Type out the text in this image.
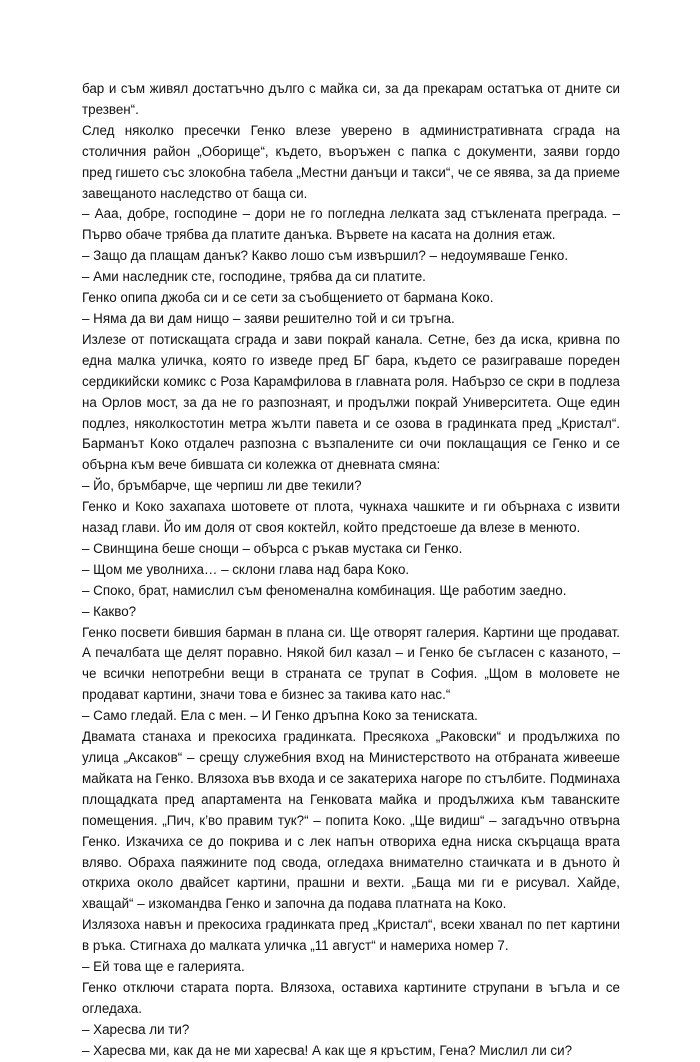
бар и съм живял достатъчно дълго с майка си, за да прекарам остатъка от дните си трезвен“.

След няколко пресечки Генко влезе уверено в административната сграда на столичния район „Оборище“, където, въоръжен с папка с документи, заяви гордо пред гишето със злокобна табела „Местни данъци и такси“, че се явява, за да приеме завещаното наследство от баща си.

– Ааа, добре, господине – дори не го погледна лелката зад стъклената преграда. – Първо обаче трябва да платите данъка. Вървете на касата на долния етаж.

– Защо да плащам данък? Какво лошо съм извършил? – недоумяваше Генко.

– Ами наследник сте, господине, трябва да си платите.

Генко опипа джоба си и се сети за съобщението от бармана Коко.

– Няма да ви дам нищо – заяви решително той и си тръгна.

Излезе от потискащата сграда и зави покрай канала. Сетне, без да иска, кривна по една малка уличка, която го изведе пред БГ бара, където се разиграваше пореден сердикийски комикс с Роза Карамфилова в главната роля. Набързо се скри в подлеза на Орлов мост, за да не го разпознаят, и продължи покрай Университета. Още един подлез, няколкостотин метра жълти павета и се озова в градинката пред „Кристал“. Барманът Коко отдалеч разпозна с възпалените си очи поклащащия се Генко и се обърна към вече бившата си колежка от дневната смяна:

– Йо, бръмбарче, ще черпиш ли две текили?

Генко и Коко захапаха шотовете от плота, чукнаха чашките и ги обърнаха с извити назад глави. Йо им доля от своя коктейл, който предстоеше да влезе в менюто.

– Свинщина беше снощи – обърса с ръкав мустака си Генко.

– Щом ме уволниха… – склони глава над бара Коко.

– Споко, брат, намислил съм феноменална комбинация. Ще работим заедно.

– Какво?

Генко посвети бившия барман в плана си. Ще отворят галерия. Картини ще продават. А печалбата ще делят поравно. Някой бил казал – и Генко бе съгласен с казаното, – че всички непотребни вещи в страната се трупат в София. „Щом в моловете не продават картини, значи това е бизнес за такива като нас.“

– Само гледай. Ела с мен. – И Генко дръпна Коко за тениската.

Двамата станаха и прекосиха градинката. Пресякоха „Раковски“ и продължиха по улица „Аксаков“ – срещу служебния вход на Министерството на отбраната живееше майката на Генко. Влязоха във входа и се закатериха нагоре по стълбите. Подминаха площадката пред апартамента на Генковата майка и продължиха към таванските помещения. „Пич, к’во правим тук?“ – попита Коко. „Ще видиш“ – загадъчно отвърна Генко. Изкачиха се до покрива и с лек напън отвориха една ниска скърцаща врата вляво. Обраха паяжините под свода, огледаха внимателно стаичката и в дъното ѝ откриха около двайсет картини, прашни и вехти. „Баща ми ги е рисувал. Хайде, хващай“ – изкомандва Генко и започна да подава платната на Коко.

Излязоха навън и прекосиха градинката пред „Кристал“, всеки хванал по пет картини в ръка. Стигнаха до малката уличка „11 август“ и намериха номер 7.

– Ей това ще е галерията.

Генко отключи старата порта. Влязоха, оставиха картините струпани в ъгъла и се огледаха.

– Харесва ли ти?

– Харесва ми, как да не ми харесва! А как ще я кръстим, Гена? Мислил ли си?
